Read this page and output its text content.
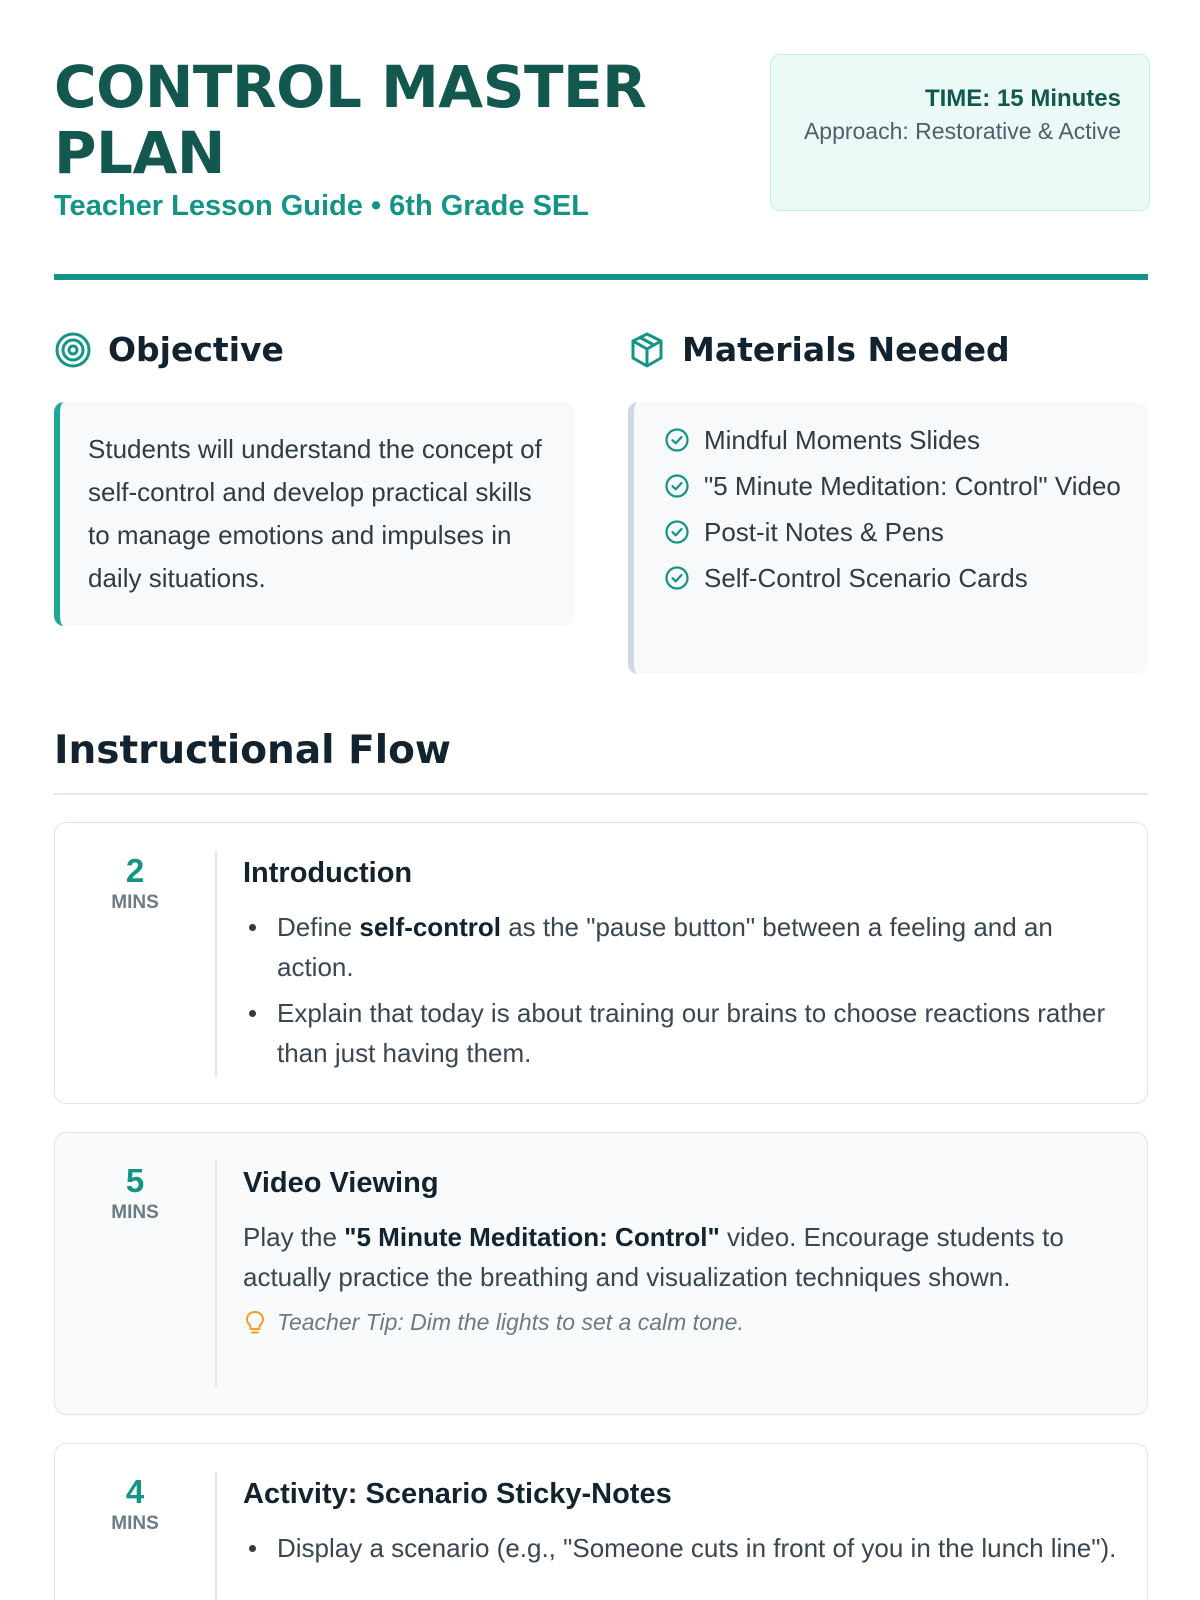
CONTROL MASTER PLAN
Teacher Lesson Guide • 6th Grade SEL
TIME: 15 Minutes
Approach: Restorative & Active
Objective

Students will understand the concept of self-control and develop practical skills to manage emotions and impulses in daily situations.

Materials Needed
Mindful Moments Slides
"5 Minute Meditation: Control" Video
Post-it Notes & Pens
Self-Control Scenario Cards
Instructional Flow
2
MINS
Introduction
Define self-control as the "pause button" between a feeling and an action.
Explain that today is about training our brains to choose reactions rather than just having them.
5
MINS
Video Viewing

Play the "5 Minute Meditation: Control" video. Encourage students to actually practice the breathing and visualization techniques shown.

Teacher Tip: Dim the lights to set a calm tone.
4
MINS
Activity: Scenario Sticky-Notes
Display a scenario (e.g., "Someone cuts in front of you in the lunch line").
